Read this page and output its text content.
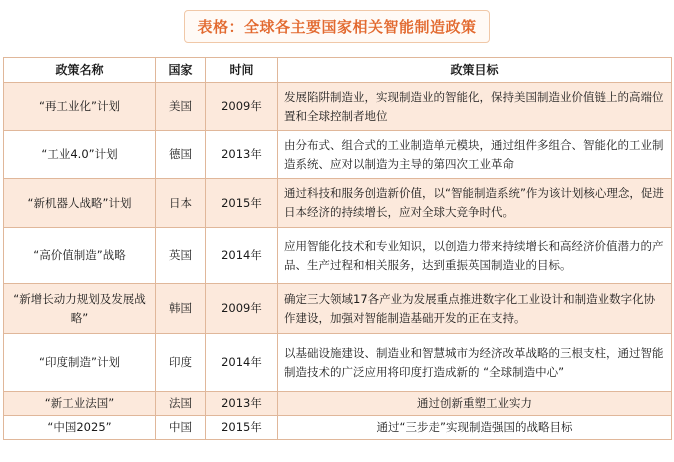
表格：全球各主要国家相关智能制造政策
政策名称	国家	时间	政策目标
“再工业化”计划	美国	2009年	发展陷阱制造业，实现制造业的智能化，保持美国制造业价值链上的高端位置和全球控制者地位
“工业4.0”计划	德国	2013年	由分布式、组合式的工业制造单元模块，通过组件多组合、智能化的工业制造系统、应对以制造为主导的第四次工业革命
“新机器人战略”计划	日本	2015年	通过科技和服务创造新价值，以“智能制造系统”作为该计划核心理念，促进日本经济的持续增长，应对全球大竞争时代。
“高价值制造”战略	英国	2014年	应用智能化技术和专业知识，以创造力带来持续增长和高经济价值潜力的产品、生产过程和相关服务，达到重振英国制造业的目标。
“新增长动力规划及发展战略”	韩国	2009年	确定三大领域17各产业为发展重点推进数字化工业设计和制造业数字化协作建设，加强对智能制造基础开发的正在支持。
“印度制造”计划	印度	2014年	以基础设施建设、制造业和智慧城市为经济改革战略的三根支柱，通过智能制造技术的广泛应用将印度打造成新的 “全球制造中心”
“新工业法国”	法国	2013年	通过创新重塑工业实力
“中国2025”	中国	2015年	通过“三步走”实现制造强国的战略目标
